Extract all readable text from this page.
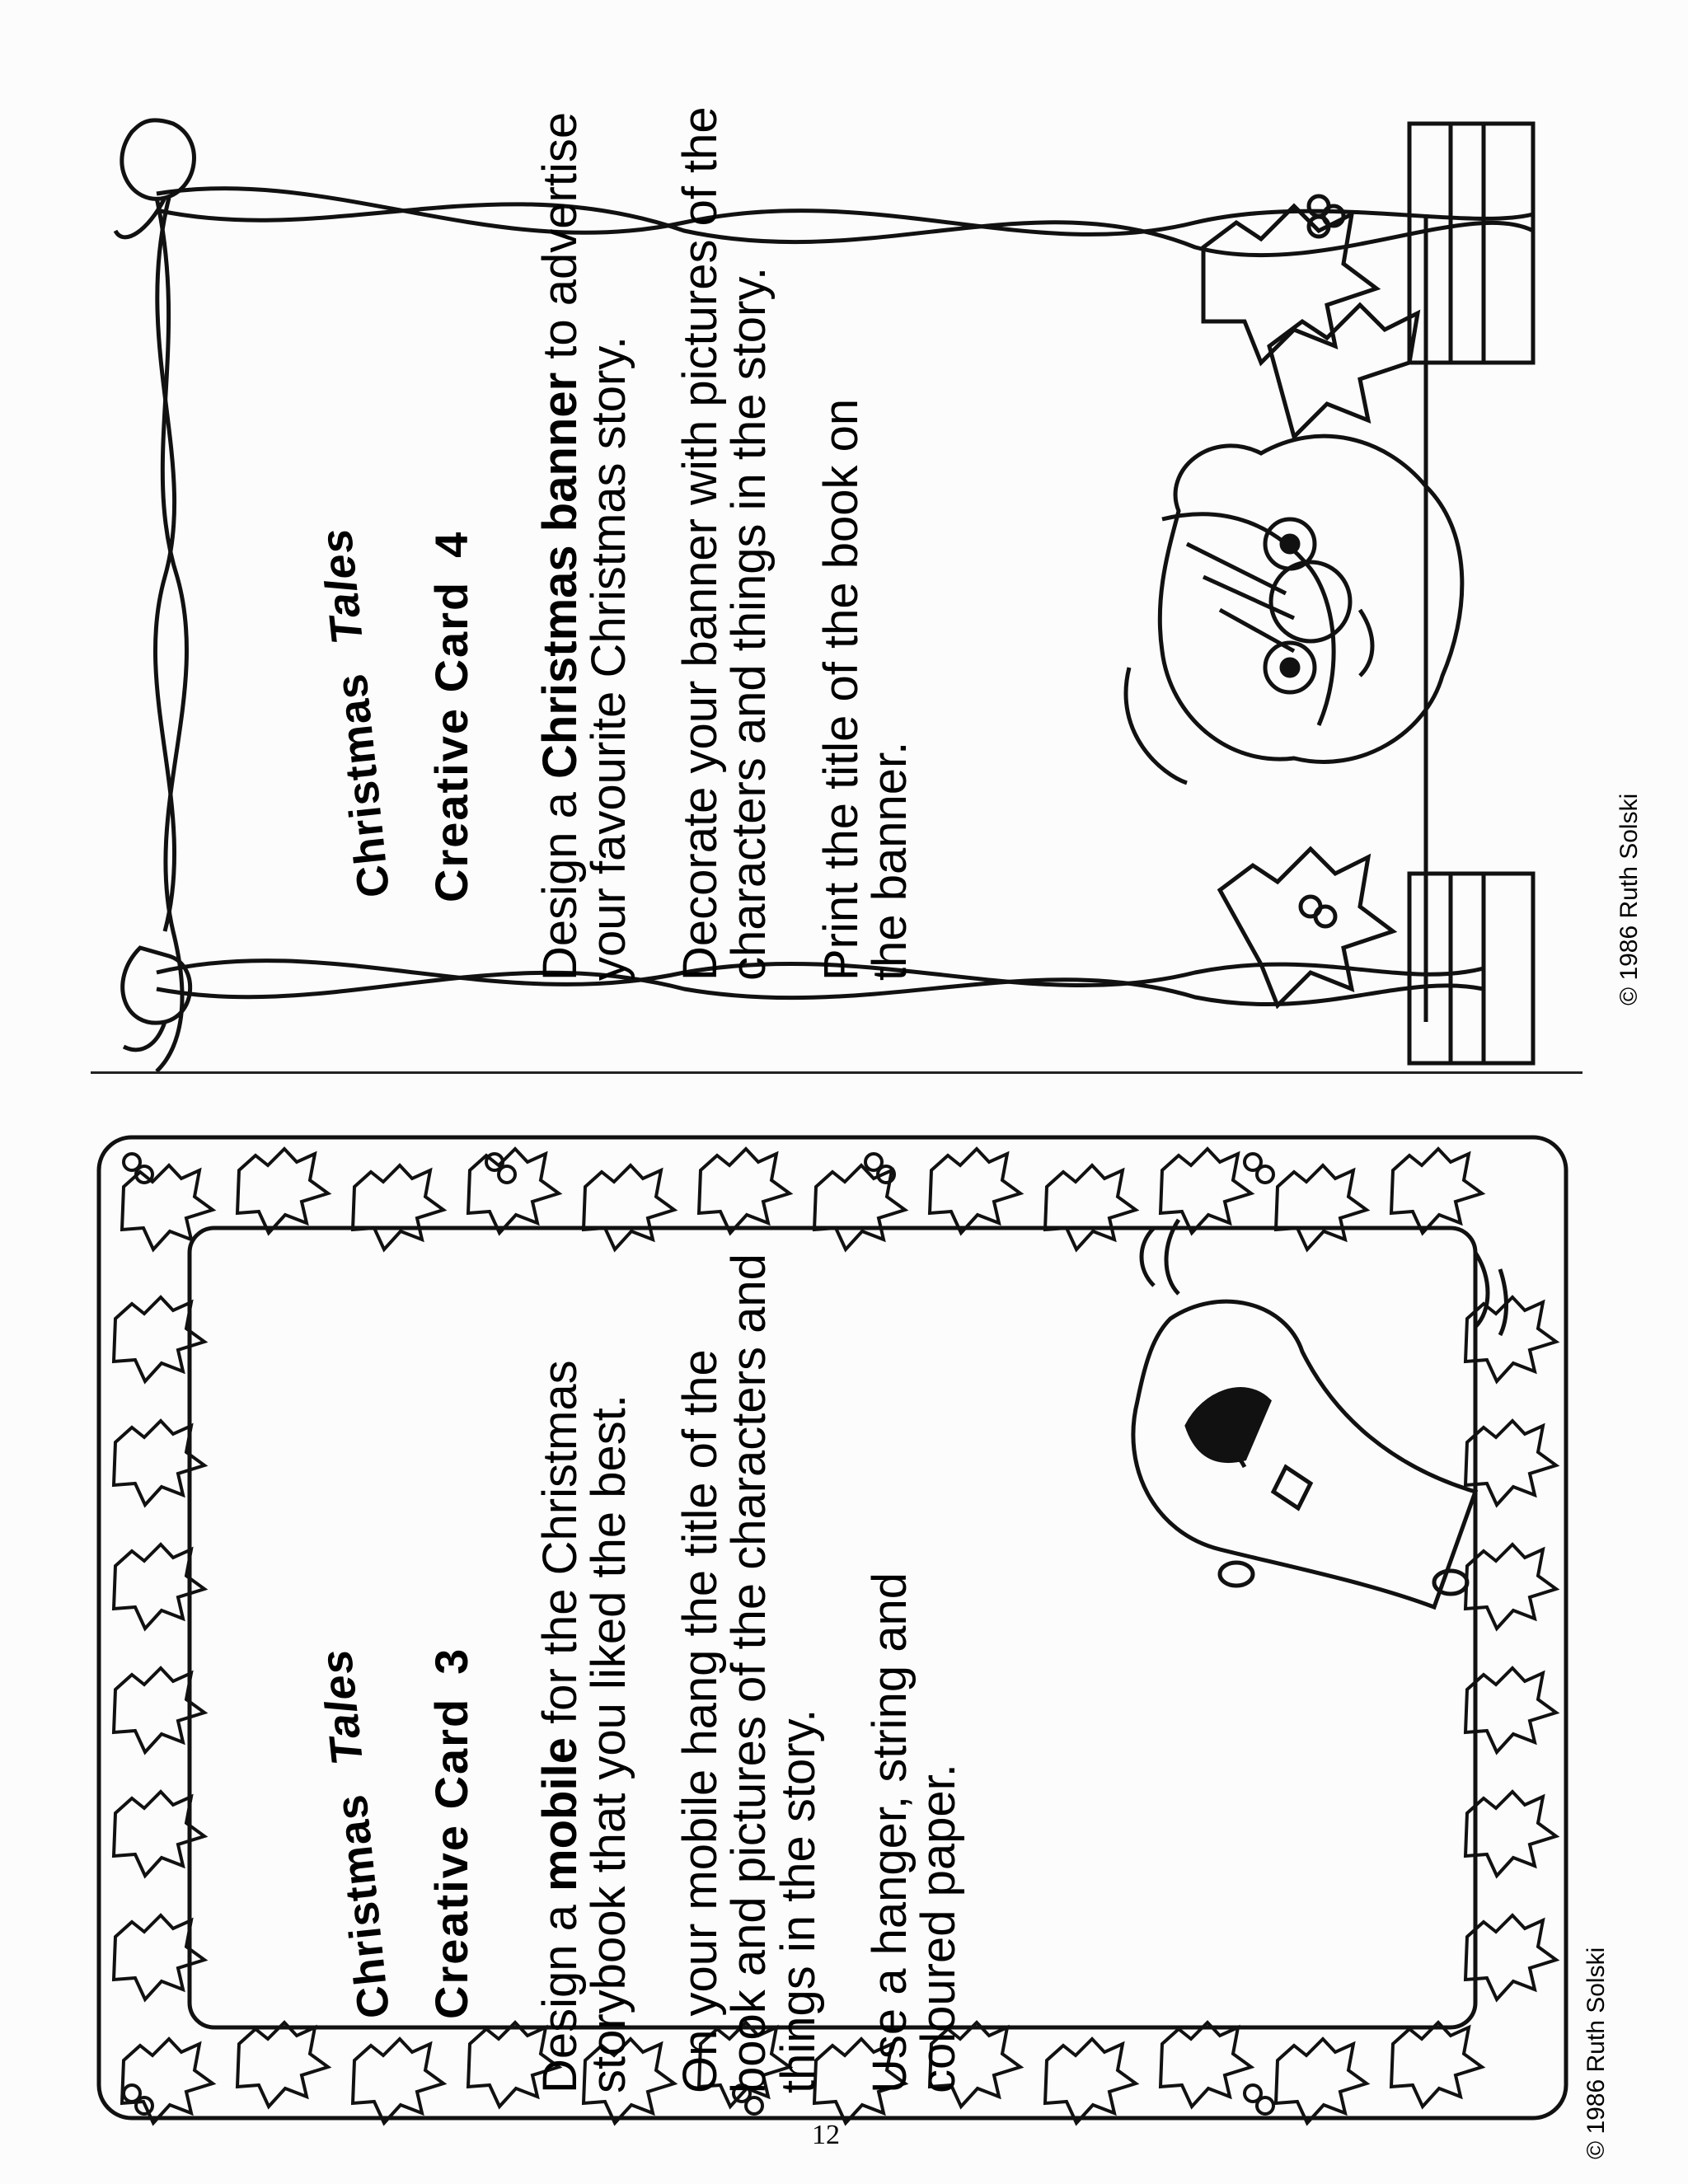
ChristmasTales	Creative Card4

Design a Christmas banner to advertise your favourite Christmas story. Decorate your banner with pictures of the characters and things in the story. Print the title of the book on the banner.	© 1986 Ruth Solski
ChristmasTales	Creative Card3

Design a mobile for the Christmas storybook that you liked the best. On your mobile hang the title of the book and pictures of the characters and things in the story. Use a hanger, string and coloured paper.	© 1986 Ruth Solski
12
